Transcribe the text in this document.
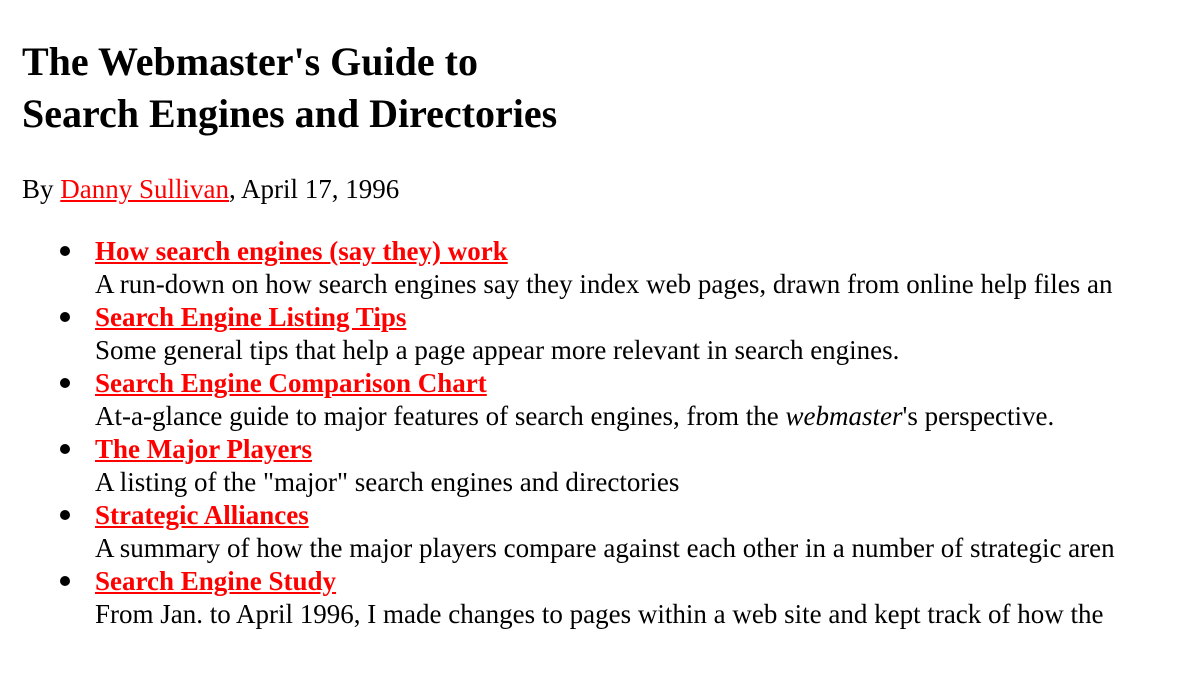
The Webmaster's Guide to
Search Engines and Directories

By Danny Sullivan, April 17, 1996

How search engines (say they) work
A run-down on how search engines say they index web pages, drawn from online help files an
Search Engine Listing Tips
Some general tips that help a page appear more relevant in search engines.
Search Engine Comparison Chart
At-a-glance guide to major features of search engines, from the webmaster's perspective.
The Major Players
A listing of the "major" search engines and directories
Strategic Alliances
A summary of how the major players compare against each other in a number of strategic aren
Search Engine Study
From Jan. to April 1996, I made changes to pages within a web site and kept track of how the
